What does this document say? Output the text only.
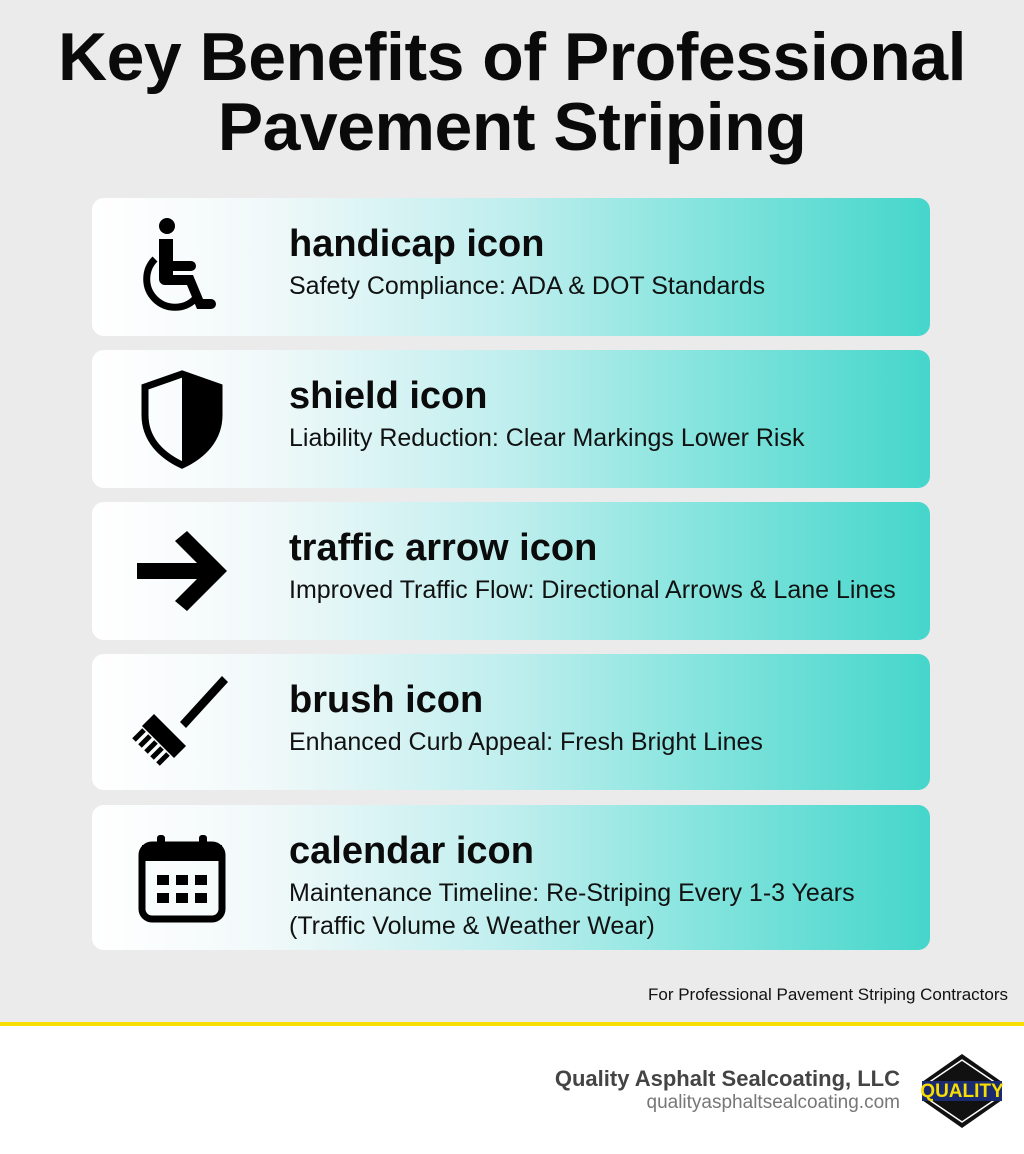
Key Benefits of Professional
Pavement Striping
handicap icon
Safety Compliance: ADA & DOT Standards
shield icon
Liability Reduction: Clear Markings Lower Risk
traffic arrow icon
Improved Traffic Flow: Directional Arrows & Lane Lines
brush icon
Enhanced Curb Appeal: Fresh Bright Lines
calendar icon
Maintenance Timeline: Re-Striping Every 1-3 Years (Traffic Volume & Weather Wear)
For Professional Pavement Striping Contractors
Quality Asphalt Sealcoating, LLC
qualityasphaltsealcoating.com
QUALITY
